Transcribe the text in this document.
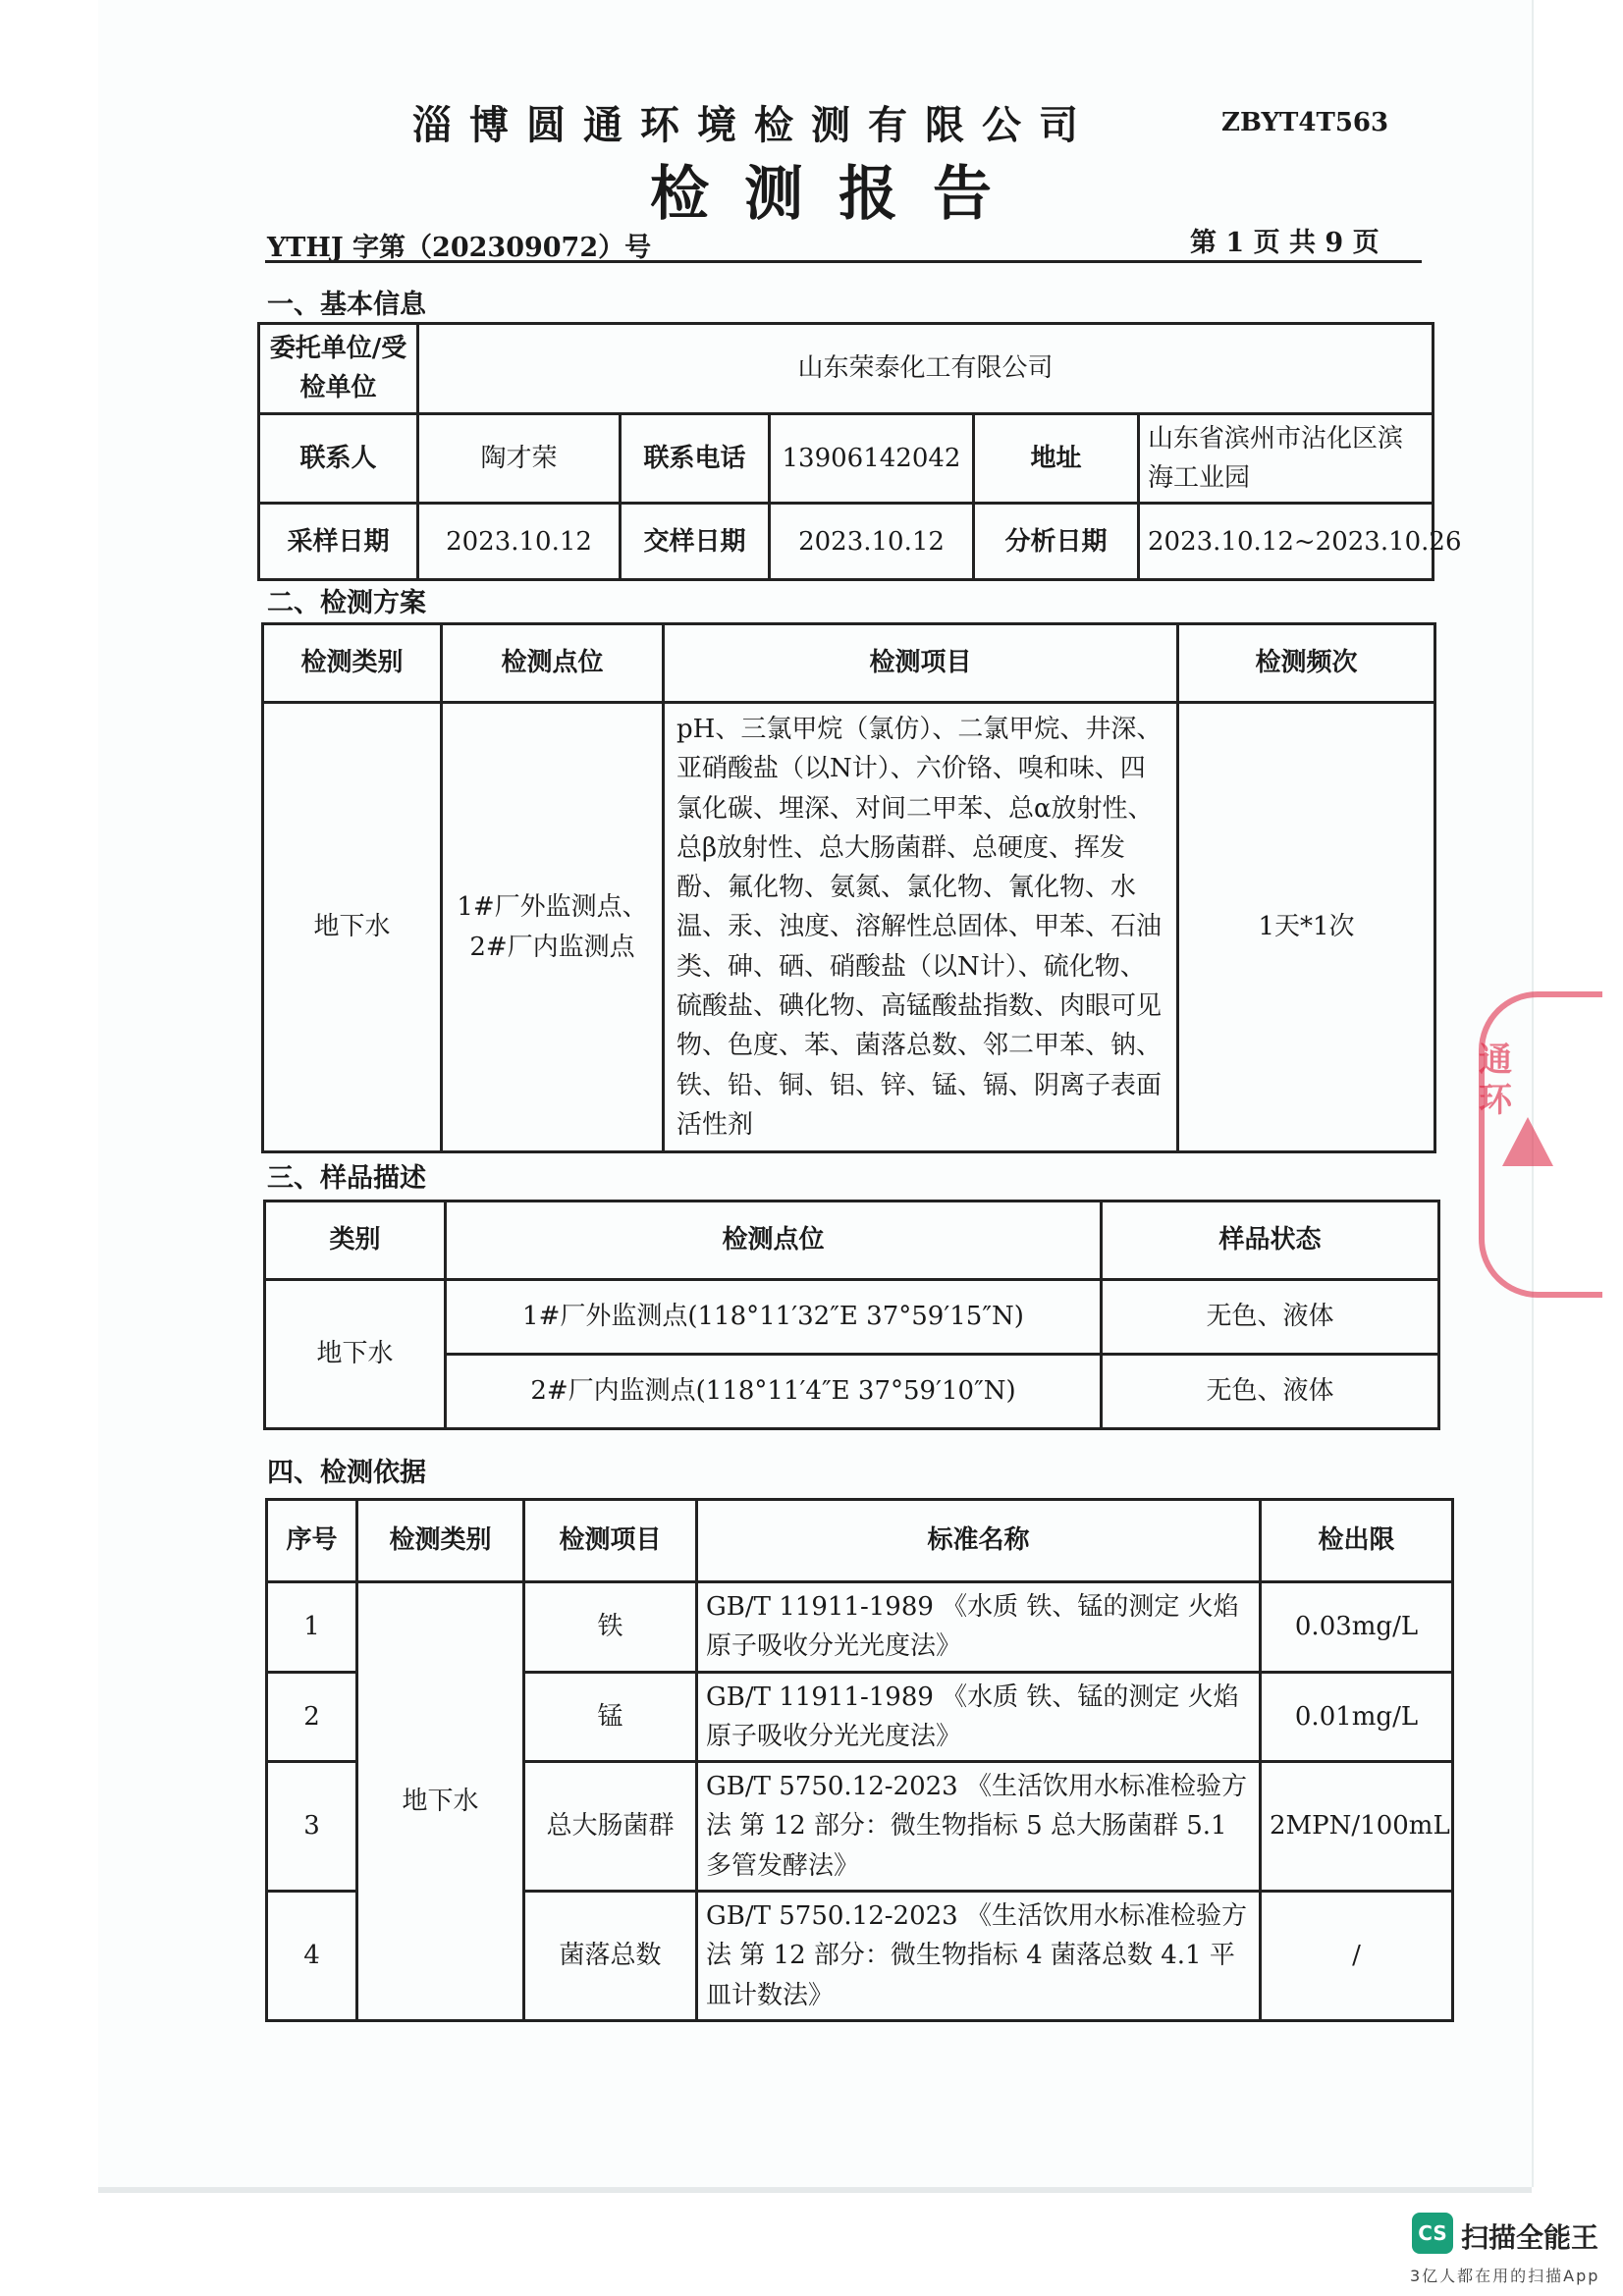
淄博圆通环境检测有限公司	ZBYT4T563
检测报告
YTHJ 字第（202309072）号	第 1 页 共 9 页
一、基本信息
委托单位/受检单位	山东荣泰化工有限公司				
联系人	陶才荣	联系电话	13906142042	地址	山东省滨州市沾化区滨海工业园
采样日期	2023.10.12	交样日期	2023.10.12	分析日期	2023.10.12~2023.10.26
二、检测方案
检测类别	检测点位	检测项目	检测频次
地下水	1#厂外监测点、2#厂内监测点	pH、三氯甲烷（氯仿）、二氯甲烷、井深、亚硝酸盐（以N计）、六价铬、嗅和味、四氯化碳、埋深、对间二甲苯、总α放射性、总β放射性、总大肠菌群、总硬度、挥发酚、氟化物、氨氮、氯化物、氰化物、水温、汞、浊度、溶解性总固体、甲苯、石油类、砷、硒、硝酸盐（以N计）、硫化物、硫酸盐、碘化物、高锰酸盐指数、肉眼可见物、色度、苯、菌落总数、邻二甲苯、钠、铁、铅、铜、铝、锌、锰、镉、阴离子表面活性剂	1天*1次
三、样品描述
类别	检测点位	样品状态
地下水	1#厂外监测点(118°11′32″E 37°59′15″N)	无色、液体
	2#厂内监测点(118°11′4″E 37°59′10″N)	无色、液体
四、检测依据
序号	检测类别	检测项目	标准名称	检出限
1	地下水	铁	GB/T 11911-1989 《水质 铁、锰的测定 火焰原子吸收分光光度法》	0.03mg/L
2		锰	GB/T 11911-1989 《水质 铁、锰的测定 火焰原子吸收分光光度法》	0.01mg/L
3		总大肠菌群	GB/T 5750.12-2023 《生活饮用水标准检验方法 第 12 部分：微生物指标 5 总大肠菌群 5.1 多管发酵法》	2MPN/100mL
4		菌落总数	GB/T 5750.12-2023 《生活饮用水标准检验方法 第 12 部分：微生物指标 4 菌落总数 4.1 平皿计数法》	/
通环
CS 扫描全能王
3亿人都在用的扫描App
